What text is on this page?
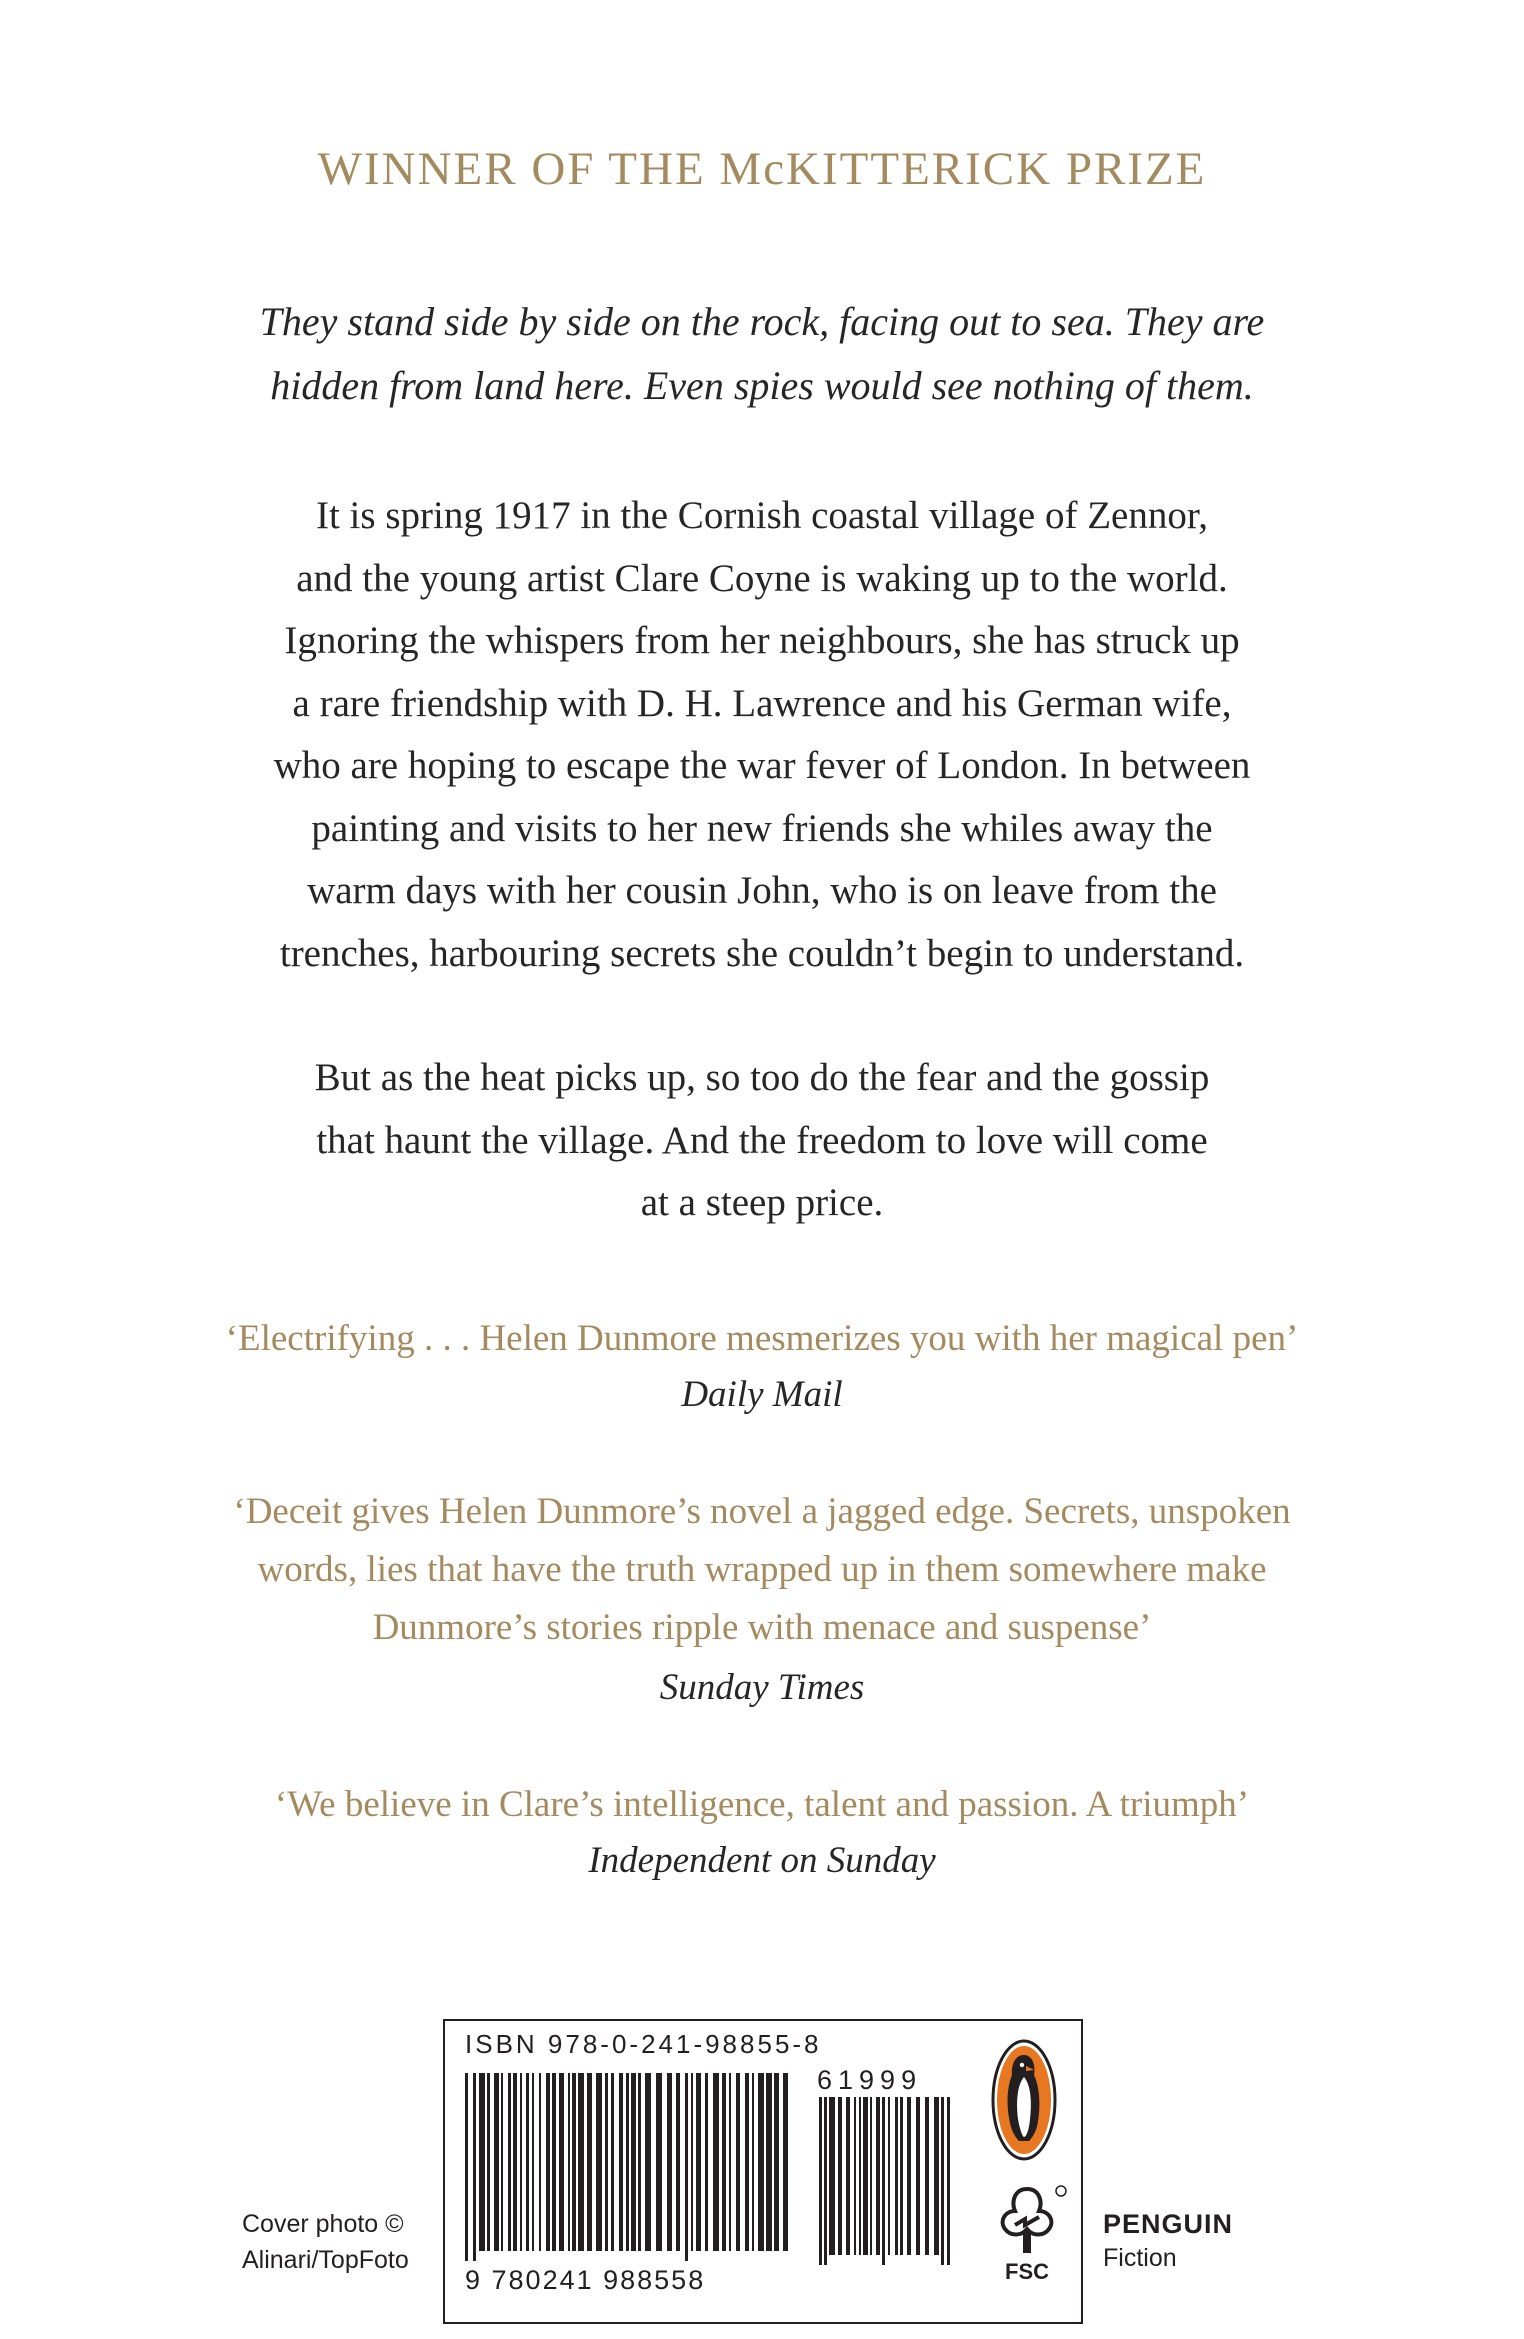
WINNER OF THE McKITTERICK PRIZE
They stand side by side on the rock, facing out to sea. They are
hidden from land here. Even spies would see nothing of them.
It is spring 1917 in the Cornish coastal village of Zennor,
and the young artist Clare Coyne is waking up to the world.
Ignoring the whispers from her neighbours, she has struck up
a rare friendship with D. H. Lawrence and his German wife,
who are hoping to escape the war fever of London. In between
painting and visits to her new friends she whiles away the
warm days with her cousin John, who is on leave from the
trenches, harbouring secrets she couldn’t begin to understand.
But as the heat picks up, so too do the fear and the gossip
that haunt the village. And the freedom to love will come
at a steep price.
‘Electrifying . . . Helen Dunmore mesmerizes you with her magical pen’
Daily Mail
‘Deceit gives Helen Dunmore’s novel a jagged edge. Secrets, unspoken
words, lies that have the truth wrapped up in them somewhere make
Dunmore’s stories ripple with menace and suspense’
Sunday Times
‘We believe in Clare’s intelligence, talent and passion. A triumph’
Independent on Sunday
ISBN 978-0-241-98855-8
9 780241 988558
61999
FSC
Cover photo ©
Alinari/TopFoto
PENGUIN
Fiction
